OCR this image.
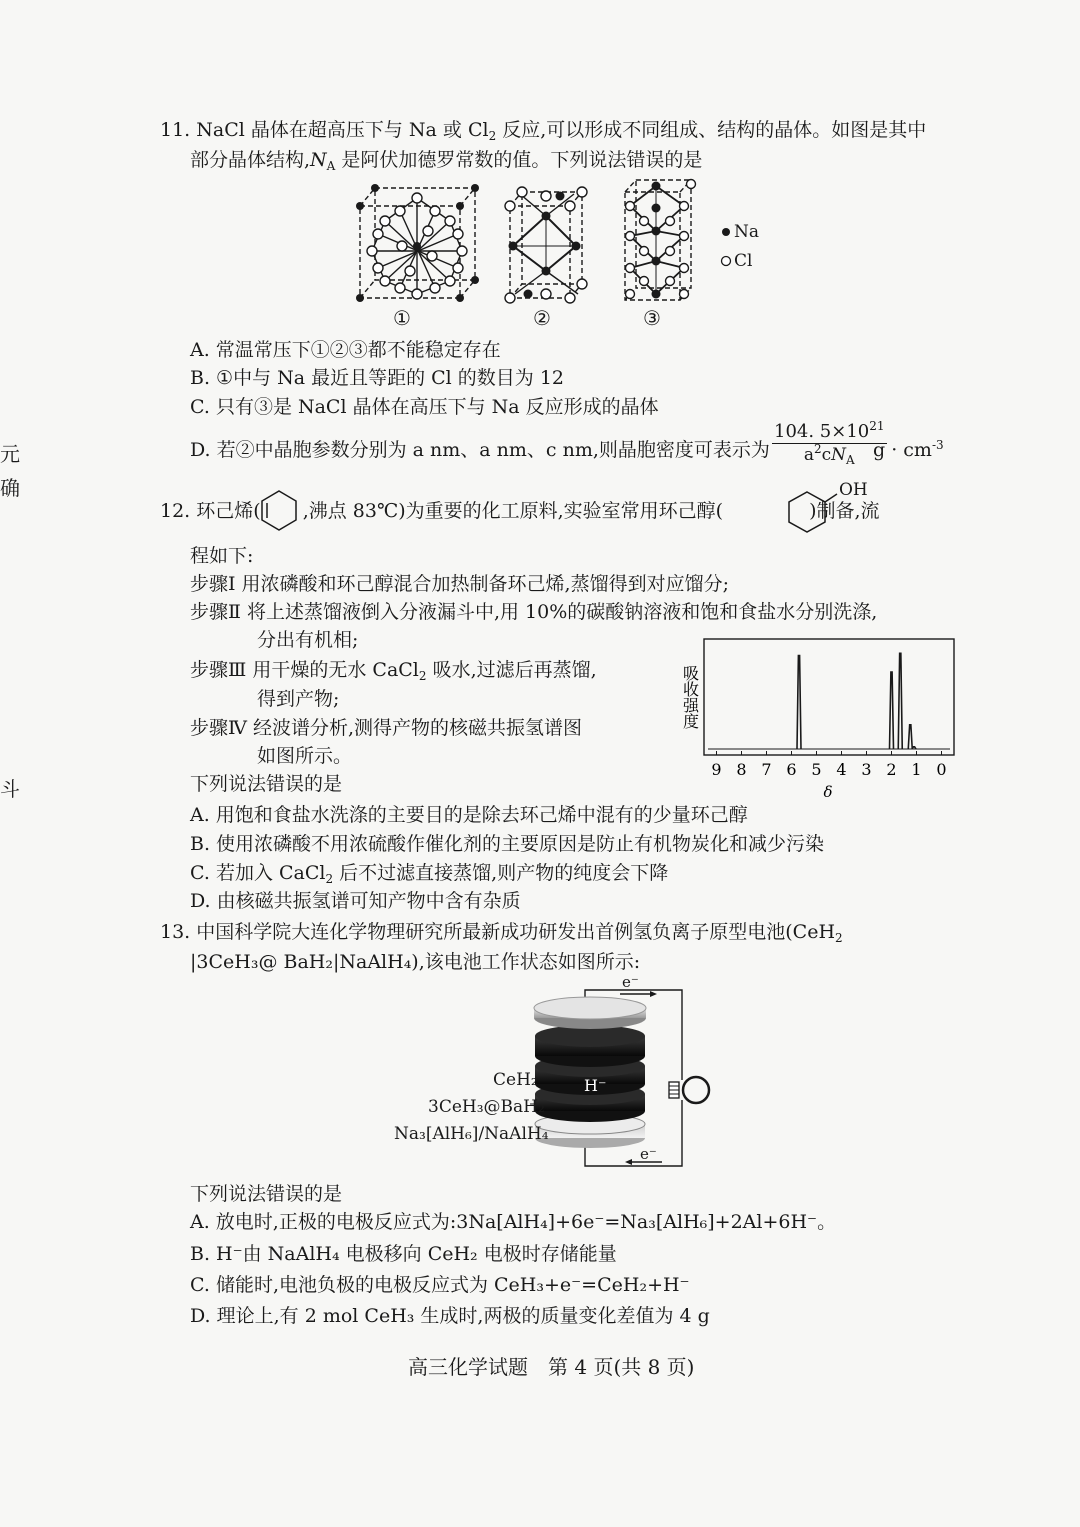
元
确
斗
11. NaCl 晶体在超高压下与 Na 或 $Cl_2$ 反应,可以形成不同组成、结构的晶体。如图是其中
部分晶体结构$,N_A$ 是阿伏加德罗常数的值。下列说法错误的是
Na
Cl
①	②	③
A. 常温常压下①②③都不能稳定存在
B. ①中与 Na 最近且等距的 Cl 的数目为 12
C. 只有③是 NaCl 晶体在高压下与 Na 反应形成的晶体
D. 若②中晶胞参数分别为 a nm、a nm、c nm,则晶胞密度可表示为
104. $5\times 10^{21}$
$a^2cN_A$ $g \cdot cm^{-3}$
12. 环己烯( ,沸点 83℃)为重要的化工原料,实验室常用环己醇(	)制备,流
OH
程如下:
步骤Ⅰ 用浓磷酸和环己醇混合加热制备环己烯,蒸馏得到对应馏分;
步骤Ⅱ 将上述蒸馏液倒入分液漏斗中,用 10%的碳酸钠溶液和饱和食盐水分别洗涤,
分出有机相;
步骤Ⅲ 用干燥的无水 CaCl$_2$ 吸水,过滤后再蒸馏,
得到产物;
步骤Ⅳ 经波谱分析,测得产物的核磁共振氢谱图
如图所示。
下列说法错误的是
吸收强度
9 8 7 6 5 4 3 2 1 0
δ
A. 用饱和食盐水洗涤的主要目的是除去环己烯中混有的少量环己醇
B. 使用浓磷酸不用浓硫酸作催化剂的主要原因是防止有机物炭化和减少污染
C. 若加入 CaCl$_2$ 后不过滤直接蒸馏,则产物的纯度会下降
D. 由核磁共振氢谱可知产物中含有杂质
13. 中国科学院大连化学物理研究所最新成功研发出首例氢负离子原型电池(CeH$_2$
|3CeH₃@ BaH₂|NaAlH₄),该电池工作状态如图所示:
H⁻
e⁻
e⁻
CeH₂
3CeH₃@BaH₂
Na₃[AlH₆]/NaAlH₄
下列说法错误的是
A. 放电时,正极的电极反应式为:3Na[AlH₄]+6e⁻=Na₃[AlH₆]+2Al+6H⁻。
B. H⁻由 NaAlH₄ 电极移向 CeH₂ 电极时存储能量
C. 储能时,电池负极的电极反应式为 CeH₃+e⁻=CeH₂+H⁻
D. 理论上,有 2 mol CeH₃ 生成时,两极的质量变化差值为 4 g
高三化学试题　第 4 页(共 8 页)
